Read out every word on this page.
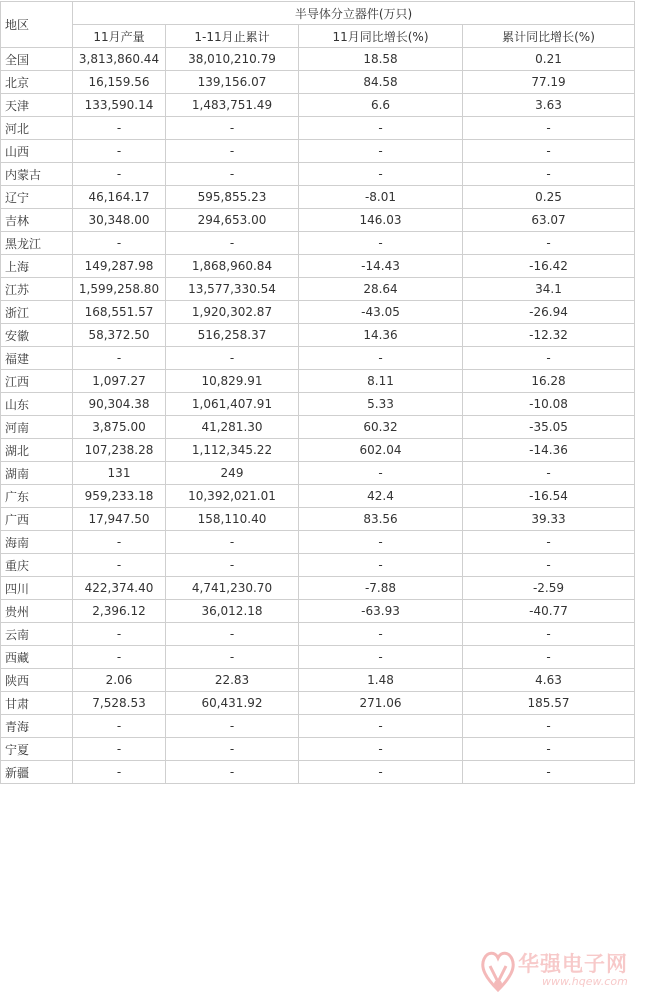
地区	半导体分立器件(万只)			
	11月产量	1-11月止累计	11月同比增长(%)	累计同比增长(%)
全国	3,813,860.44	38,010,210.79	18.58	0.21
北京	16,159.56	139,156.07	84.58	77.19
天津	133,590.14	1,483,751.49	6.6	3.63
河北	-	-	-	-
山西	-	-	-	-
内蒙古	-	-	-	-
辽宁	46,164.17	595,855.23	-8.01	0.25
吉林	30,348.00	294,653.00	146.03	63.07
黑龙江	-	-	-	-
上海	149,287.98	1,868,960.84	-14.43	-16.42
江苏	1,599,258.80	13,577,330.54	28.64	34.1
浙江	168,551.57	1,920,302.87	-43.05	-26.94
安徽	58,372.50	516,258.37	14.36	-12.32
福建	-	-	-	-
江西	1,097.27	10,829.91	8.11	16.28
山东	90,304.38	1,061,407.91	5.33	-10.08
河南	3,875.00	41,281.30	60.32	-35.05
湖北	107,238.28	1,112,345.22	602.04	-14.36
湖南	131	249	-	-
广东	959,233.18	10,392,021.01	42.4	-16.54
广西	17,947.50	158,110.40	83.56	39.33
海南	-	-	-	-
重庆	-	-	-	-
四川	422,374.40	4,741,230.70	-7.88	-2.59
贵州	2,396.12	36,012.18	-63.93	-40.77
云南	-	-	-	-
西藏	-	-	-	-
陕西	2.06	22.83	1.48	4.63
甘肃	7,528.53	60,431.92	271.06	185.57
青海	-	-	-	-
宁夏	-	-	-	-
新疆	-	-	-	-
华强电子网
www.hqew.com
